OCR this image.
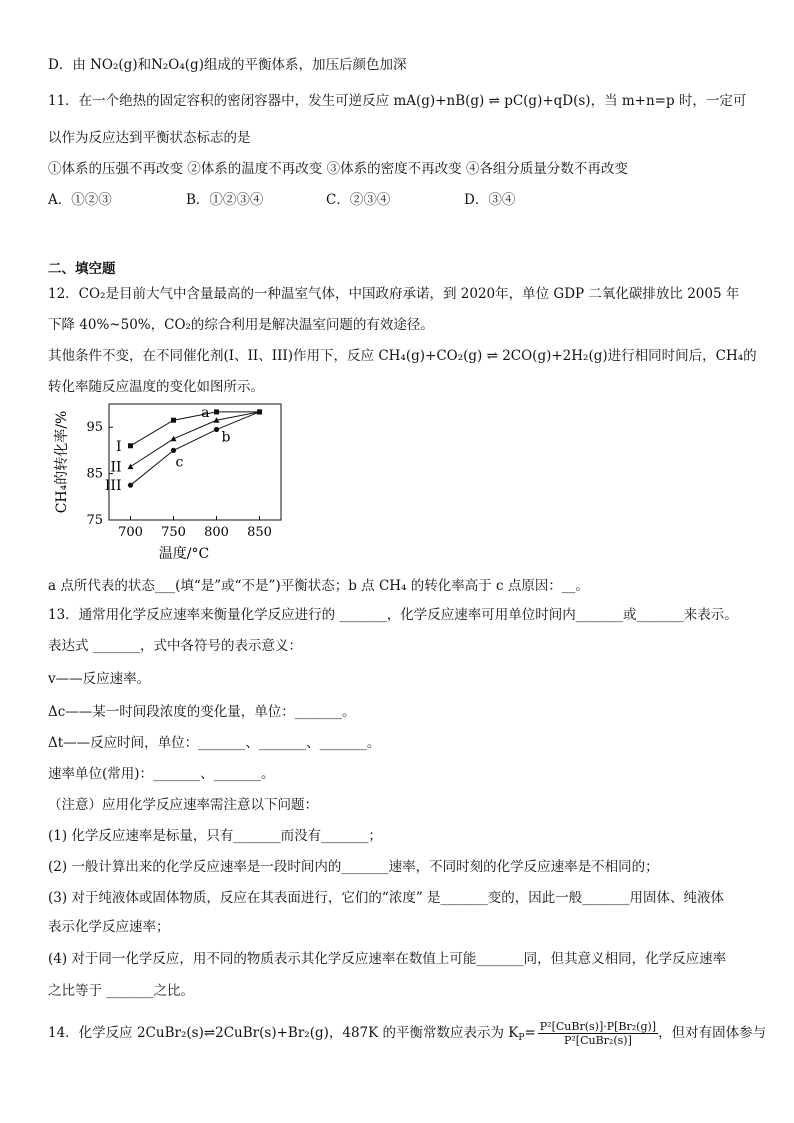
D．由 NO₂(g)和N₂O₄(g)组成的平衡体系，加压后颜色加深
11．在一个绝热的固定容积的密闭容器中，发生可逆反应 mA(g)+nB(g) ⇌ pC(g)+qD(s)，当 m+n=p 时，一定可
以作为反应达到平衡状态标志的是
①体系的压强不再改变 ②体系的温度不再改变 ③体系的密度不再改变 ④各组分质量分数不再改变
A．①②③	B．①②③④	C．②③④	D．③④
二、填空题
12．CO₂是目前大气中含量最高的一种温室气体，中国政府承诺，到 2020年，单位 GDP 二氧化碳排放比 2005 年
下降 40%~50%，CO₂的综合利用是解决温室问题的有效途径。
其他条件不变，在不同催化剂(I、II、III)作用下，反应 CH₄(g)+CO₂(g) ⇌ 2CO(g)+2H₂(g)进行相同时间后，CH₄的
转化率随反应温度的变化如图所示。
700 750 800 850
75
85
95
I
II
III
a
b
c
温度/°C
CH₄的转化率/%
a 点所代表的状态___(填“是”或“不是”)平衡状态；b 点 CH₄ 的转化率高于 c 点原因：__。
13．通常用化学反应速率来衡量化学反应进行的 _______，化学反应速率可用单位时间内_______或_______来表示。
表达式 _______，式中各符号的表示意义：
v——反应速率。
Δc——某一时间段浓度的变化量，单位：_______。
Δt——反应时间，单位：_______、_______、_______。
速率单位(常用)：_______、_______。
（注意）应用化学反应速率需注意以下问题：
(1) 化学反应速率是标量，只有_______而没有_______；
(2) 一般计算出来的化学反应速率是一段时间内的_______速率，不同时刻的化学反应速率是不相同的；
(3) 对于纯液体或固体物质，反应在其表面进行，它们的“浓度” 是_______变的，因此一般_______用固体、纯液体
表示化学反应速率；
(4) 对于同一化学反应，用不同的物质表示其化学反应速率在数值上可能_______同，但其意义相同，化学反应速率
之比等于 _______之比。
14．化学反应 2CuBr₂(s)⇌2CuBr(s)+Br₂(g)，487K 的平衡常数应表示为 $K_P= \frac{\text{P²[CuBr(s)]·P[Br₂(g)]}}{\text{P²[CuBr₂(s)]}}$ ，但对有固体参与
